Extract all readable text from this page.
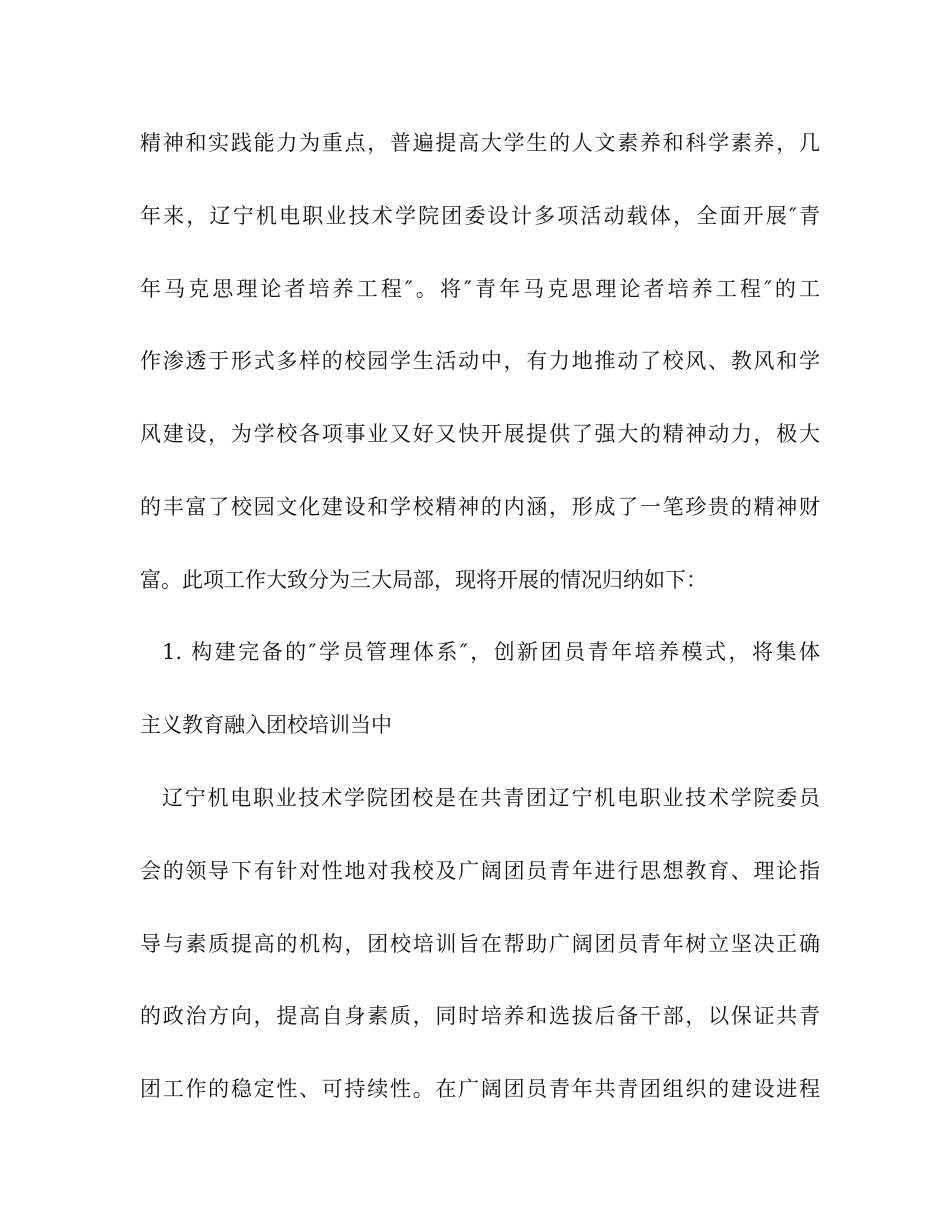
精神和实践能力为重点，普遍提高大学生的人文素养和科学素养，几
年来，辽宁机电职业技术学院团委设计多项活动载体，全面开展″青
年马克思理论者培养工程″。将″青年马克思理论者培养工程″的工
作渗透于形式多样的校园学生活动中，有力地推动了校风、教风和学
风建设，为学校各项事业又好又快开展提供了强大的精神动力，极大
的丰富了校园文化建设和学校精神的内涵，形成了一笔珍贵的精神财
富。此项工作大致分为三大局部，现将开展的情况归纳如下：
1. 构建完备的″学员管理体系″，创新团员青年培养模式，将集体
主义教育融入团校培训当中
辽宁机电职业技术学院团校是在共青团辽宁机电职业技术学院委员
会的领导下有针对性地对我校及广阔团员青年进行思想教育、理论指
导与素质提高的机构，团校培训旨在帮助广阔团员青年树立坚决正确
的政治方向，提高自身素质，同时培养和选拔后备干部，以保证共青
团工作的稳定性、可持续性。在广阔团员青年共青团组织的建设进程
